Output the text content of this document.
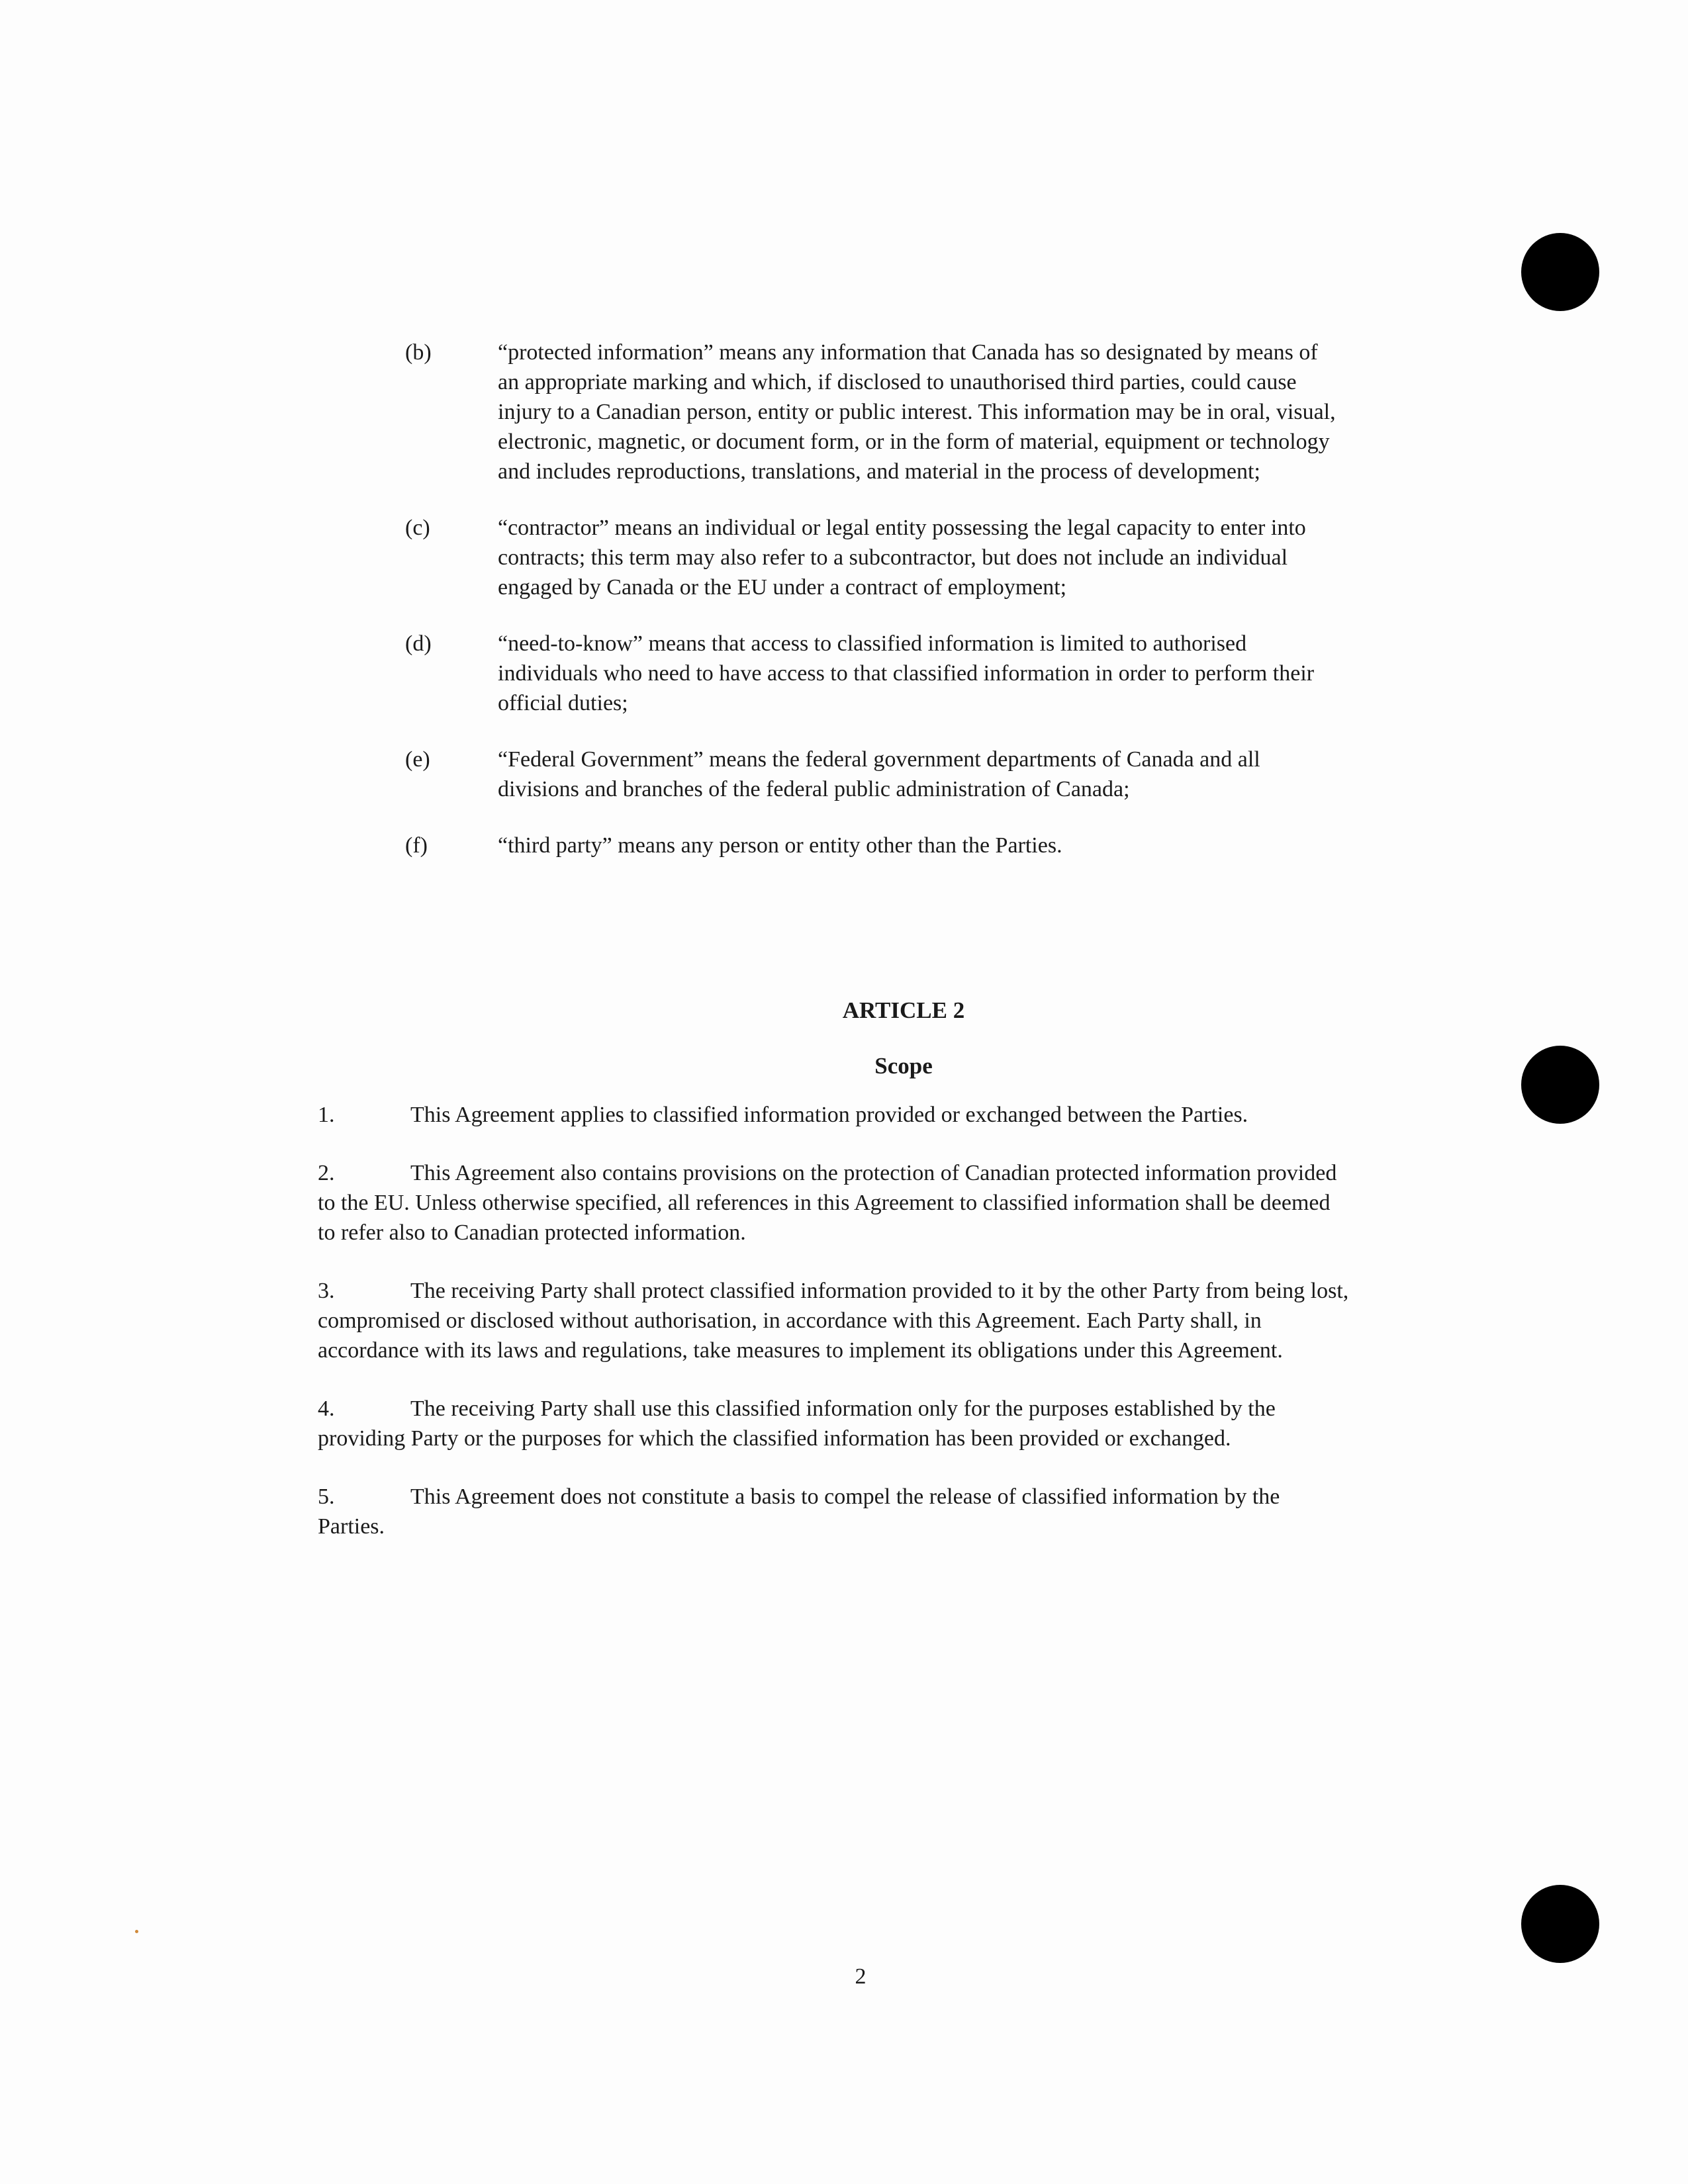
(b)	“protected information” means any information that Canada has so designated by means of an appropriate marking and which, if disclosed to unauthorised third parties, could cause injury to a Canadian person, entity or public interest. This information may be in oral, visual, electronic, magnetic, or document form, or in the form of material, equipment or technology and includes reproductions, translations, and material in the process of development;
(c)	“contractor” means an individual or legal entity possessing the legal capacity to enter into contracts; this term may also refer to a subcontractor, but does not include an individual engaged by Canada or the EU under a contract of employment;
(d)	“need-to-know” means that access to classified information is limited to authorised individuals who need to have access to that classified information in order to perform their official duties;
(e)	“Federal Government” means the federal government departments of Canada and all divisions and branches of the federal public administration of Canada;
(f)	“third party” means any person or entity other than the Parties.
ARTICLE 2
Scope
1.	This Agreement applies to classified information provided or exchanged between the Parties.
2.	This Agreement also contains provisions on the protection of Canadian protected information provided to the EU. Unless otherwise specified, all references in this Agreement to classified information shall be deemed to refer also to Canadian protected information.
3.	The receiving Party shall protect classified information provided to it by the other Party from being lost, compromised or disclosed without authorisation, in accordance with this Agreement. Each Party shall, in accordance with its laws and regulations, take measures to implement its obligations under this Agreement.
4.	The receiving Party shall use this classified information only for the purposes established by the providing Party or the purposes for which the classified information has been provided or exchanged.
5.	This Agreement does not constitute a basis to compel the release of classified information by the Parties.
2
